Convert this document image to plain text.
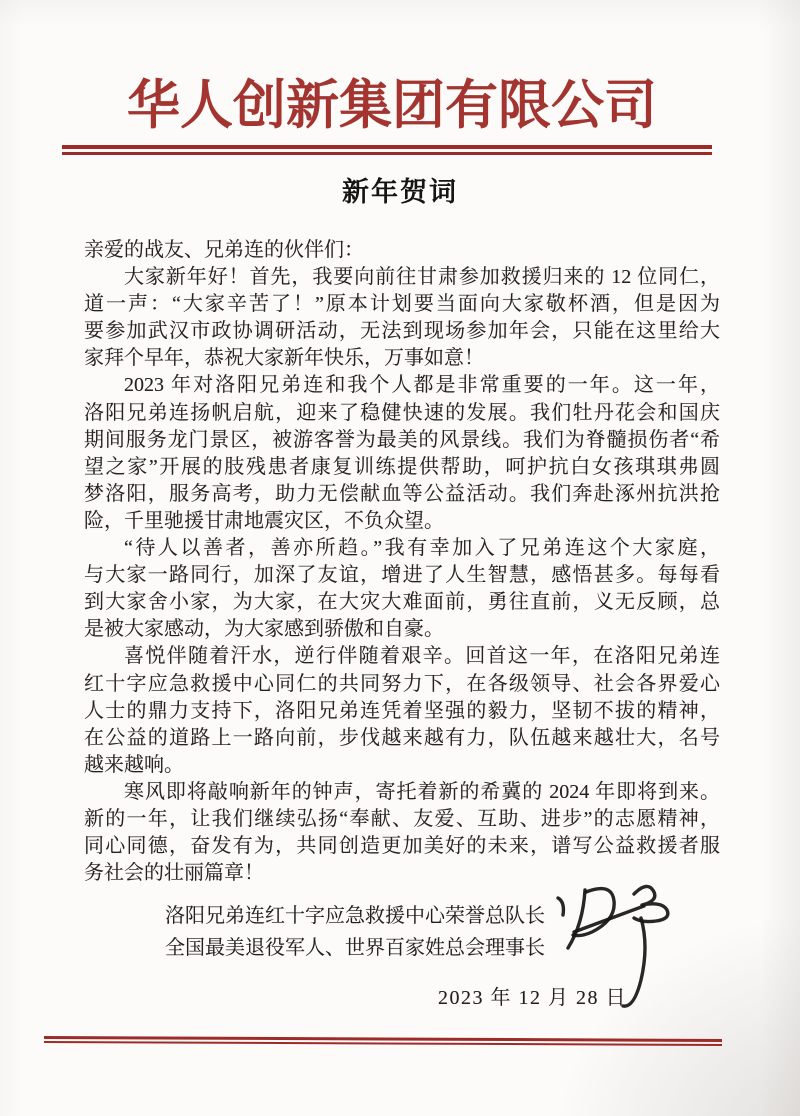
华人创新集团有限公司
新年贺词
亲爱的战友、兄弟连的伙伴们：
大家新年好！首先，我要向前往甘肃参加救援归来的 12 位同仁，
道一声：“大家辛苦了！”原本计划要当面向大家敬杯酒，但是因为
要参加武汉市政协调研活动，无法到现场参加年会，只能在这里给大
家拜个早年，恭祝大家新年快乐，万事如意！
2023 年对洛阳兄弟连和我个人都是非常重要的一年。这一年，
洛阳兄弟连扬帆启航，迎来了稳健快速的发展。我们牡丹花会和国庆
期间服务龙门景区，被游客誉为最美的风景线。我们为脊髓损伤者“希
望之家”开展的肢残患者康复训练提供帮助，呵护抗白女孩琪琪弗圆
梦洛阳，服务高考，助力无偿献血等公益活动。我们奔赴涿州抗洪抢
险，千里驰援甘肃地震灾区，不负众望。
“待人以善者，善亦所趋。”我有幸加入了兄弟连这个大家庭，
与大家一路同行，加深了友谊，增进了人生智慧，感悟甚多。每每看
到大家舍小家，为大家，在大灾大难面前，勇往直前，义无反顾，总
是被大家感动，为大家感到骄傲和自豪。
喜悦伴随着汗水，逆行伴随着艰辛。回首这一年，在洛阳兄弟连
红十字应急救援中心同仁的共同努力下，在各级领导、社会各界爱心
人士的鼎力支持下，洛阳兄弟连凭着坚强的毅力，坚韧不拔的精神，
在公益的道路上一路向前，步伐越来越有力，队伍越来越壮大，名号
越来越响。
寒风即将敲响新年的钟声，寄托着新的希冀的 2024 年即将到来。
新的一年，让我们继续弘扬“奉献、友爱、互助、进步”的志愿精神，
同心同德，奋发有为，共同创造更加美好的未来，谱写公益救援者服
务社会的壮丽篇章！
洛阳兄弟连红十字应急救援中心荣誉总队长
全国最美退役军人、世界百家姓总会理事长
2023 年 12 月 28 日
